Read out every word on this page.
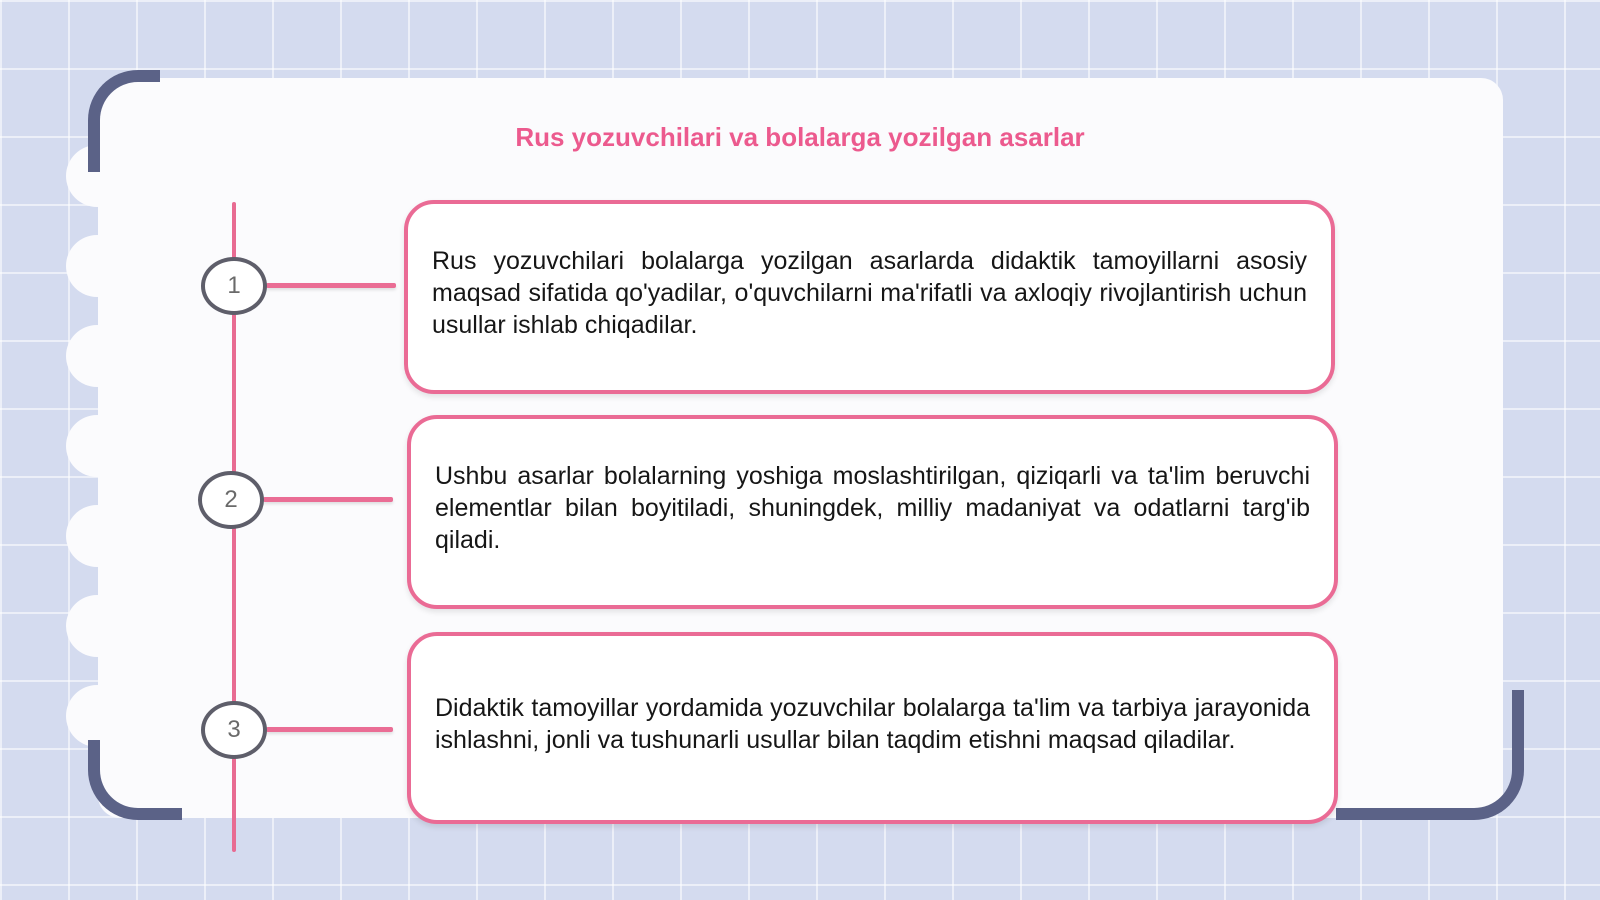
Rus yozuvchilari va bolalarga yozilgan asarlar
1

Rus yozuvchilari bolalarga yozilgan asarlarda didaktik tamoyillarni asosiy maqsad sifatida qo'yadilar, o'quvchilarni ma'rifatli va axloqiy rivojlantirish uchun usullar ishlab chiqadilar.

2

Ushbu asarlar bolalarning yoshiga moslashtirilgan, qiziqarli va ta'lim beruvchi elementlar bilan boyitiladi, shuningdek, milliy madaniyat va odatlarni targ'ib qiladi.

3

Didaktik tamoyillar yordamida yozuvchilar bolalarga ta'lim va tarbiya jarayonida ishlashni, jonli va tushunarli usullar bilan taqdim etishni maqsad qiladilar.
